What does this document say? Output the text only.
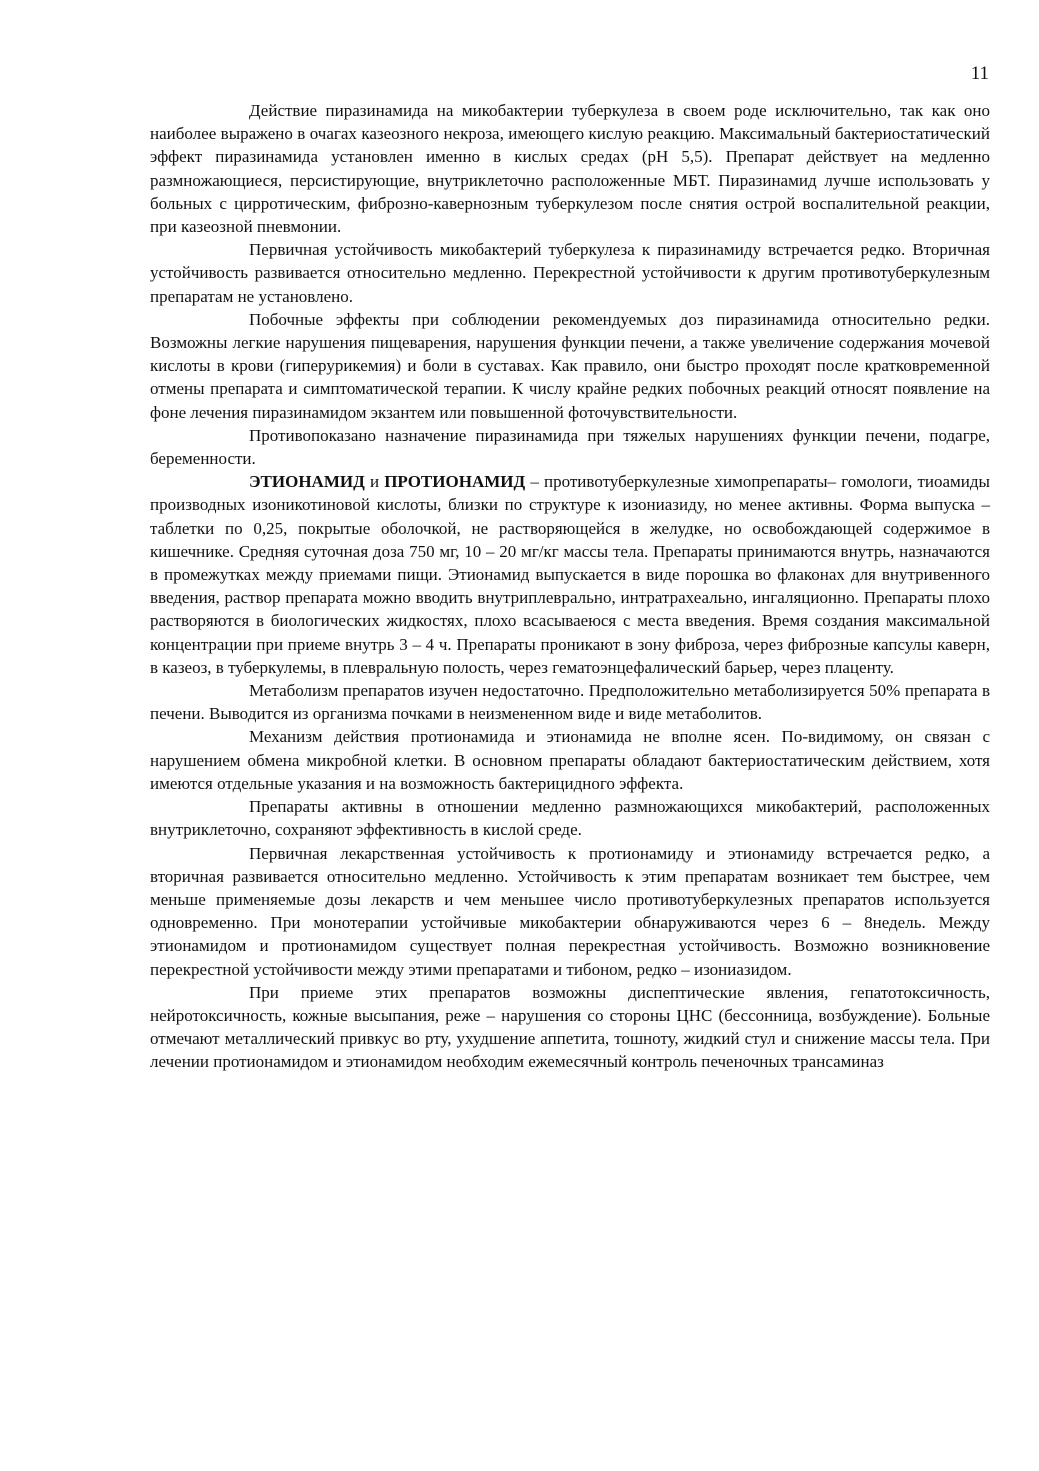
11

Действие пиразинамида на микобактерии туберкулеза в своем роде исключительно, так как оно наиболее выражено в очагах казеозного некроза, имеющего кислую реакцию. Максимальный бактериостатический эффект пиразинамида установлен именно в кислых средах (pH 5,5). Препарат действует на медленно размножающиеся, персистирующие, внутриклеточно расположенные МБТ. Пиразинамид лучше использовать у больных с цирротическим, фиброзно-кавернозным туберкулезом после снятия острой воспалительной реакции, при казеозной пневмонии.

Первичная устойчивость микобактерий туберкулеза к пиразинамиду встречается редко. Вторичная устойчивость развивается относительно медленно. Перекрестной устойчивости к другим противотуберкулезным препаратам не установлено.

Побочные эффекты при соблюдении рекомендуемых доз пиразинамида относительно редки. Возможны легкие нарушения пищеварения, нарушения функции печени, а также увеличение содержания мочевой кислоты в крови (гиперурикемия) и боли в суставах. Как правило, они быстро проходят после кратковременной отмены препарата и симптоматической терапии. К числу крайне редких побочных реакций относят появление на фоне лечения пиразинамидом экзантем или повышенной фоточувствительности.

Противопоказано назначение пиразинамида при тяжелых нарушениях функции печени, подагре, беременности.

ЭТИОНАМИД и ПРОТИОНАМИД – противотуберкулезные химопрепараты– гомологи, тиоамиды производных изоникотиновой кислоты, близки по структуре к изониазиду, но менее активны. Форма выпуска – таблетки по 0,25, покрытые оболочкой, не растворяющейся в желудке, но освобождающей содержимое в кишечнике. Средняя суточная доза 750 мг, 10 – 20 мг/кг массы тела. Препараты принимаются внутрь, назначаются в промежутках между приемами пищи. Этионамид выпускается в виде порошка во флаконах для внутривенного введения, раствор препарата можно вводить внутриплеврально, интратрахеально, ингаляционно. Препараты плохо растворяются в биологических жидкостях, плохо всасываеюся с места введения. Время создания максимальной концентрации при приеме внутрь 3 – 4 ч. Препараты проникают в зону фиброза, через фиброзные капсулы каверн, в казеоз, в туберкулемы, в плевральную полость, через гематоэнцефалический барьер, через плаценту.

Метаболизм препаратов изучен недостаточно. Предположительно метаболизируется 50% препарата в печени. Выводится из организма почками в неизмененном виде и виде метаболитов.

Механизм действия протионамида и этионамида не вполне ясен. По-видимому, он связан с нарушением обмена микробной клетки. В основном препараты обладают бактериостатическим действием, хотя имеются отдельные указания и на возможность бактерицидного эффекта.

Препараты активны в отношении медленно размножающихся микобактерий, расположенных внутриклеточно, сохраняют эффективность в кислой среде.

Первичная лекарственная устойчивость к протионамиду и этионамиду встречается редко, а вторичная развивается относительно медленно. Устойчивость к этим препаратам возникает тем быстрее, чем меньше применяемые дозы лекарств и чем меньшее число противотуберкулезных препаратов используется одновременно. При монотерапии устойчивые микобактерии обнаруживаются через 6 – 8недель. Между этионамидом и протионамидом существует полная перекрестная устойчивость. Возможно возникновение перекрестной устойчивости между этими препаратами и тибоном, редко – изониазидом.

При приеме этих препаратов возможны диспептические явления, гепатотоксичность, нейротоксичность, кожные высыпания, реже – нарушения со стороны ЦНС (бессонница, возбуждение). Больные отмечают металлический привкус во рту, ухудшение аппетита, тошноту, жидкий стул и снижение массы тела. При лечении протионамидом и этионамидом необходим ежемесячный контроль печеночных трансаминаз
